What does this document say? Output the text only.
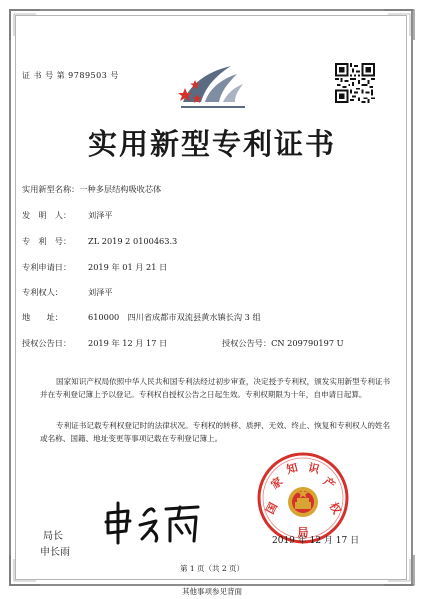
证 书 号 第 9789503 号
实用新型专利证书
实用新型名称：一种多层结构吸收芯体
发　明　人： 刘泽平
专　利　号： ZL 2019 2 0100463.3
专利申请日： 2019 年 01 月 21 日
专利权人：	刘泽平
地　　址：	610000　四川省成都市双流县黄水镇长沟 3 组
授权公告日： 2019 年 12 月 17 日	授权公告号：CN 209790197 U
国家知识产权局依照中华人民共和国专利法经过初步审查，决定授予专利权，颁发实用新型专利证书并在专利登记簿上予以登记。专利权自授权公告之日起生效。专利权期限为十年，自申请日起算。
专利证书记载专利权登记时的法律状况。专利权的转移、质押、无效、终止、恢复和专利权人的姓名或名称、国籍、地址变更等事项记载在专利登记簿上。
局长
申长雨
国
家
知 识
产
权
局
2019 年 12 月 17 日
第 1 页（共 2 页）
其他事项参见背面
